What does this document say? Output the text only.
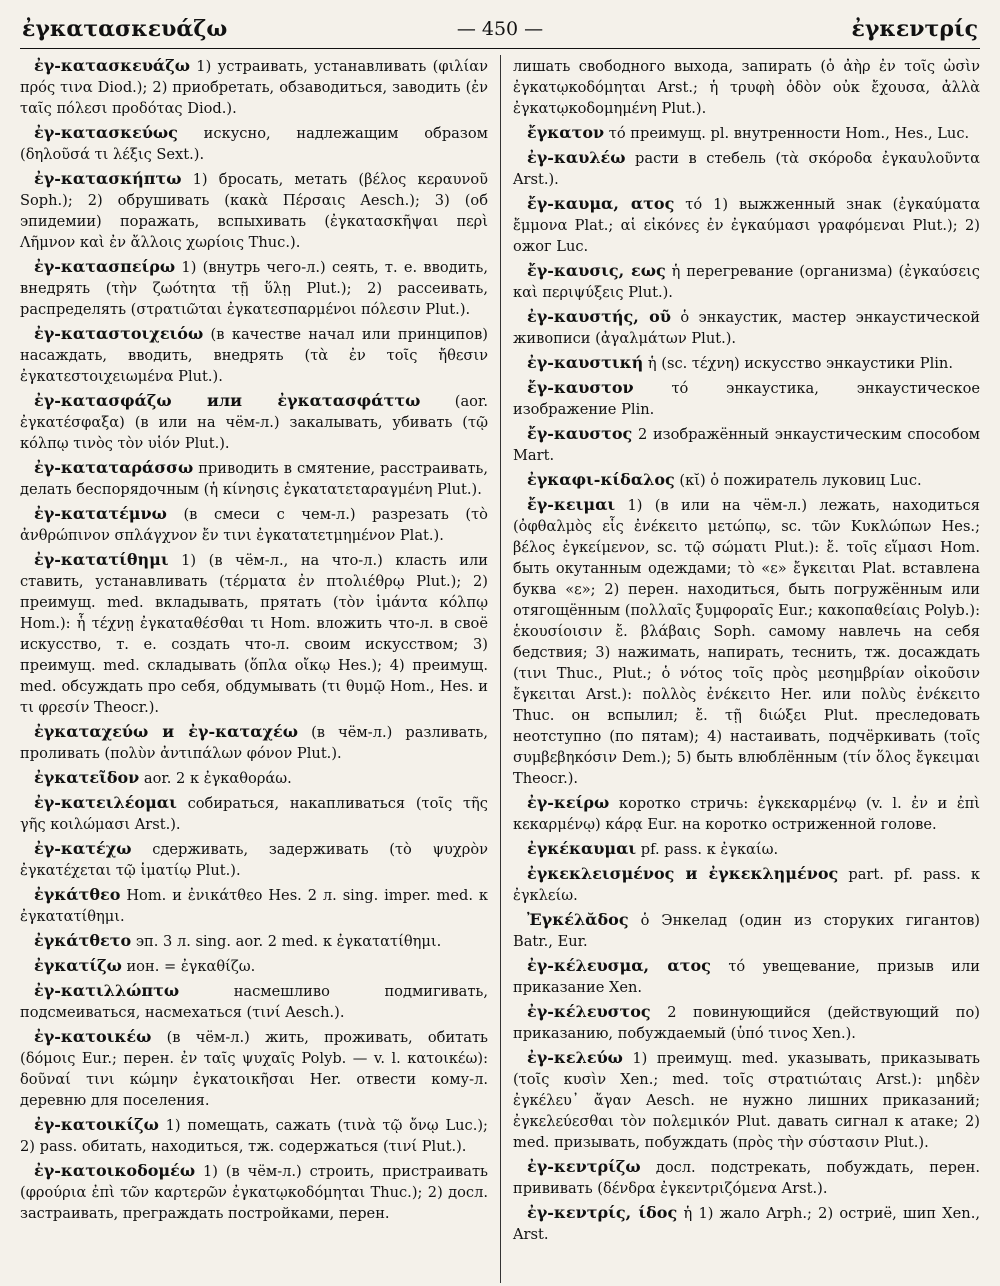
ἐγκατασκευάζω	— 450 —	ἐγκεντρίς

ἐγ-κατασκευάζω 1) устраивать, устанавливать (φιλίαν πρός τινα Diod.); 2) приобретать, обзаводиться, заводить (ἐν ταῖς πόλεσι προδότας Diod.).

ἐγ-κατασκεύως искусно, надлежащим образом (δηλοῦσά τι λέξις Sext.).

ἐγ-κατασκήπτω 1) бросать, метать (βέλος κεραυνοῦ Soph.); 2) обрушивать (κακὰ Πέρσαις Aesch.); 3) (об эпидемии) поражать, вспыхивать (ἐγκατασκῆψαι περὶ Λῆμνον καὶ ἐν ἄλλοις χωρίοις Thuc.).

ἐγ-κατασπείρω 1) (внутрь чего-л.) сеять, т. е. вводить, внедрять (τὴν ζωότητα τῇ ὕλῃ Plut.); 2) рассеивать, распределять (στρατιῶται ἐγκατεσπαρμένοι πόλεσιν Plut.).

ἐγ-καταστοιχειόω (в качестве начал или принципов) насаждать, вводить, внедрять (τὰ ἐν τοῖς ἤθεσιν ἐγκατεστοιχειωμένα Plut.).

ἐγ-κατασφάζω или ἐγκατασφάττω (aor. ἐγκατέσφαξα) (в или на чём-л.) закалывать, убивать (τῷ κόλπῳ τινὸς τὸν υἱόν Plut.).

ἐγ-καταταράσσω приводить в смятение, расстраивать, делать беспорядочным (ἡ κίνησις ἐγκατατεταραγμένη Plut.).

ἐγ-κατατέμνω (в смеси с чем-л.) разрезать (τὸ ἀνθρώπινον σπλάγχνον ἔν τινι ἐγκατατετμημένον Plat.).

ἐγ-κατατίθημι 1) (в чём-л., на что-л.) класть или ставить, устанавливать (τέρματα ἐν πτολιέθρῳ Plut.); 2) преимущ. med. вкладывать, прятать (τὸν ἱμάντα κόλπῳ Hom.): ἧ τέχνῃ ἐγκαταθέσθαι τι Hom. вложить что-л. в своё искусство, т. е. создать что-л. своим искусством; 3) преимущ. med. складывать (ὅπλα οἴκῳ Hes.); 4) преимущ. med. обсуждать про себя, обдумывать (τι θυμῷ Hom., Hes. и τι φρεσίν Theocr.).

ἐγκαταχεύω и ἐγ-καταχέω (в чём-л.) разливать, проливать (πολὺν ἀντιπάλων φόνον Plut.).

ἐγκατεῖδον aor. 2 к ἐγκαθοράω.

ἐγ-κατειλέομαι собираться, накапливаться (τοῖς τῆς γῆς κοιλώμασι Arst.).

ἐγ-κατέχω сдерживать, задерживать (τὸ ψυχρὸν ἐγκατέχεται τῷ ἱματίῳ Plut.).

ἐγκάτθεο Hom. и ἐνικάτθεο Hes. 2 л. sing. imper. med. к ἐγκατατίθημι.

ἐγκάτθετο эп. 3 л. sing. aor. 2 med. к ἐγκατατίθημι.

ἐγκατίζω ион. = ἐγκαθίζω.

ἐγ-κατιλλώπτω насмешливо подмигивать, подсмеиваться, насмехаться (τινί Aesch.).

ἐγ-κατοικέω (в чём-л.) жить, проживать, обитать (δόμοις Eur.; перен. ἐν ταῖς ψυχαῖς Polyb. — v. l. κατοικέω): δοῦναί τινι κώμην ἐγκατοικῆσαι Her. отвести кому-л. деревню для поселения.

ἐγ-κατοικίζω 1) помещать, сажать (τινὰ τῷ ὄνῳ Luc.); 2) pass. обитать, находиться, тж. содержаться (τινί Plut.).

ἐγ-κατοικοδομέω 1) (в чём-л.) строить, пристраивать (φρούρια ἐπὶ τῶν καρτερῶν ἐγκατῳκοδόμηται Thuc.); 2) досл. застраивать, преграждать постройками, перен.

лишать свободного выхода, запирать (ὁ ἀὴρ ἐν τοῖς ὠσὶν ἐγκατῳκοδόμηται Arst.; ἡ τρυφὴ ὁδὸν οὐκ ἔχουσα, ἀλλὰ ἐγκατῳκοδομημένη Plut.).

ἔγκατον τό преимущ. pl. внутренности Hom., Hes., Luc.

ἐγ-καυλέω расти в стебель (τὰ σκόροδα ἐγκαυλοῦντα Arst.).

ἔγ-καυμα, ατος τό 1) выжженный знак (ἐγκαύματα ἔμμονα Plat.; αἱ εἰκόνες ἐν ἐγκαύμασι γραφόμεναι Plut.); 2) ожог Luc.

ἔγ-καυσις, εως ἡ перегревание (организма) (ἐγκαύσεις καὶ περιψύξεις Plut.).

ἐγ-καυστής, οῦ ὁ энкаустик, мастер энкаустической живописи (ἀγαλμάτων Plut.).

ἐγ-καυστική ἡ (sc. τέχνη) искусство энкаустики Plin.

ἔγ-καυστον τό энкаустика, энкаустическое изображение Plin.

ἔγ-καυστος 2 изображённый энкаустическим способом Mart.

ἐγκαφι-κίδαλος (κῐ) ὁ пожиратель луковиц Luc.

ἔγ-κειμαι 1) (в или на чём-л.) лежать, находиться (ὀφθαλμὸς εἷς ἐνέκειτο μετώπῳ, sc. τῶν Κυκλώπων Hes.; βέλος ἐγκείμενον, sc. τῷ σώματι Plut.): ἔ. τοῖς εἵμασι Hom. быть окутанным одеждами; τὸ «ε» ἔγκειται Plat. вставлена буква «ε»; 2) перен. находиться, быть погружённым или отягощённым (πολλαῖς ξυμφοραῖς Eur.; κακοπαθείαις Polyb.): ἑκουσίοισιν ἔ. βλάβαις Soph. самому навлечь на себя бедствия; 3) нажимать, напирать, теснить, тж. досаждать (τινι Thuc., Plut.; ὁ νότος τοῖς πρὸς μεσημβρίαν οἰκοῦσιν ἔγκειται Arst.): πολλὸς ἐνέκειτο Her. или πολὺς ἐνέκειτο Thuc. он вспылил; ἔ. τῇ διώξει Plut. преследовать неотступно (по пятам); 4) настаивать, подчёркивать (τοῖς συμβεβηκόσιν Dem.); 5) быть влюблённым (τίν ὅλος ἔγκειμαι Theocr.).

ἐγ-κείρω коротко стричь: ἐγκεκαρμένῳ (v. l. ἐν и ἐπὶ κεκαρμένῳ) κάρᾳ Eur. на коротко остриженной голове.

ἐγκέκαυμαι pf. pass. к ἐγκαίω.

ἐγκεκλεισμένος и ἐγκεκλημένος part. pf. pass. к ἐγκλείω.

Ἐγκέλᾰδος ὁ Энкелад (один из сторуких гигантов) Batr., Eur.

ἐγ-κέλευσμα, ατος τό увещевание, призыв или приказание Xen.

ἐγ-κέλευστος 2 повинующийся (действующий по) приказанию, побуждаемый (ὑπό τινος Xen.).

ἐγ-κελεύω 1) преимущ. med. указывать, приказывать (τοῖς κυσὶν Xen.; med. τοῖς στρατιώταις Arst.): μηδὲν ἐγκέλευ᾽ ἄγαν Aesch. не нужно лишних приказаний; ἐγκελεύεσθαι τὸν πολεμικόν Plut. давать сигнал к атаке; 2) med. призывать, побуждать (πρὸς τὴν σύστασιν Plut.).

ἐγ-κεντρίζω досл. подстрекать, побуждать, перен. прививать (δένδρα ἐγκεντριζόμενα Arst.).

ἐγ-κεντρίς, ίδος ἡ 1) жало Arph.; 2) остриё, шип Xen., Arst.
